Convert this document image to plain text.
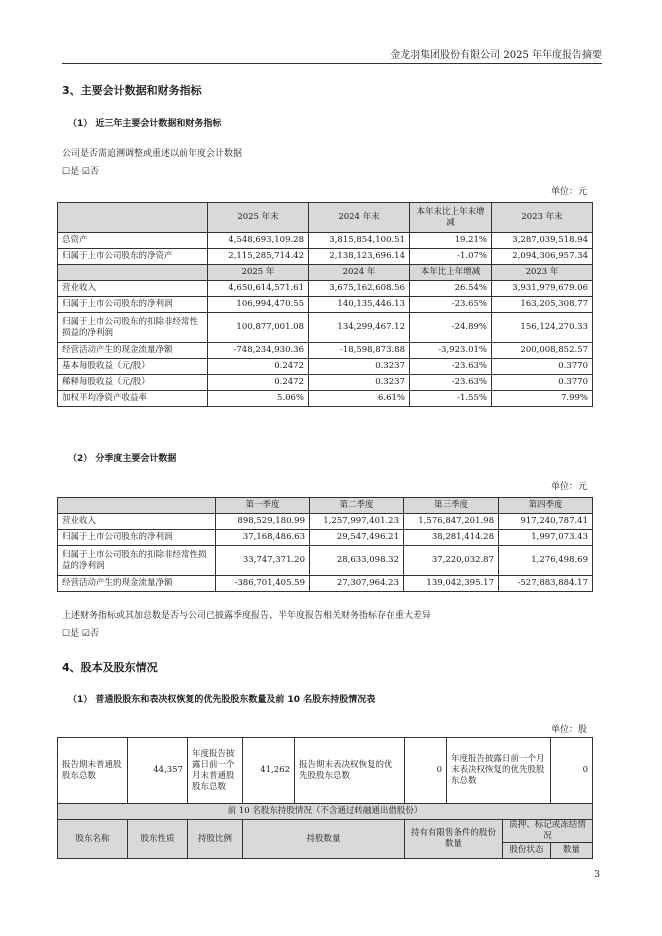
金龙羽集团股份有限公司 2025 年年度报告摘要
3、主要会计数据和财务指标
（1） 近三年主要会计数据和财务指标
公司是否需追溯调整或重述以前年度会计数据
☐是 ☑否
单位：元
	2025 年末	2024 年末	本年末比上年末增减	2023 年末
总资产	4,548,693,109.28	3,815,854,100.51	19.21%	3,287,039,518.94
归属于上市公司股东的净资产	2,115,285,714.42	2,138,123,696.14	-1.07%	2,094,306,957.34
	2025 年	2024 年	本年比上年增减	2023 年
营业收入	4,650,614,571.61	3,675,162,608.56	26.54%	3,931,979,679.06
归属于上市公司股东的净利润	106,994,470.55	140,135,446.13	-23.65%	163,205,308.77
归属于上市公司股东的扣除非经常性损益的净利润	100,877,001.08	134,299,467.12	-24.89%	156,124,270.33
经营活动产生的现金流量净额	-748,234,930.36	-18,598,873.88	-3,923.01%	200,008,852.57
基本每股收益（元/股）	0.2472	0.3237	-23.63%	0.3770
稀释每股收益（元/股）	0.2472	0.3237	-23.63%	0.3770
加权平均净资产收益率	5.06%	6.61%	-1.55%	7.99%
（2） 分季度主要会计数据
单位：元
	第一季度	第二季度	第三季度	第四季度
营业收入	898,529,180.99	1,257,997,401.23	1,576,847,201.98	917,240,787.41
归属于上市公司股东的净利润	37,168,486.63	29,547,496.21	38,281,414.28	1,997,073.43
归属于上市公司股东的扣除非经常性损益的净利润	33,747,371.20	28,633,098.32	37,220,032.87	1,276,498.69
经营活动产生的现金流量净额	-386,701,405.59	27,307,964.23	139,042,395.17	-527,883,884.17
上述财务指标或其加总数是否与公司已披露季度报告、半年度报告相关财务指标存在重大差异
☐是 ☑否
4、股本及股东情况
（1） 普通股股东和表决权恢复的优先股股东数量及前 10 名股东持股情况表
单位：股
报告期末普通股股东总数	44,357	年度报告披露日前一个月末普通股股东总数	41,262	报告期末表决权恢复的优先股股东总数	0	年度报告披露日前一个月末表决权恢复的优先股股东总数		0
前 10 名股东持股情况（不含通过转融通出借股份）								
股东名称	股东性质	持股比例	持股数量		持有有限售条件的股份数量		质押、标记或冻结情况	
							股份状态	数量
3
